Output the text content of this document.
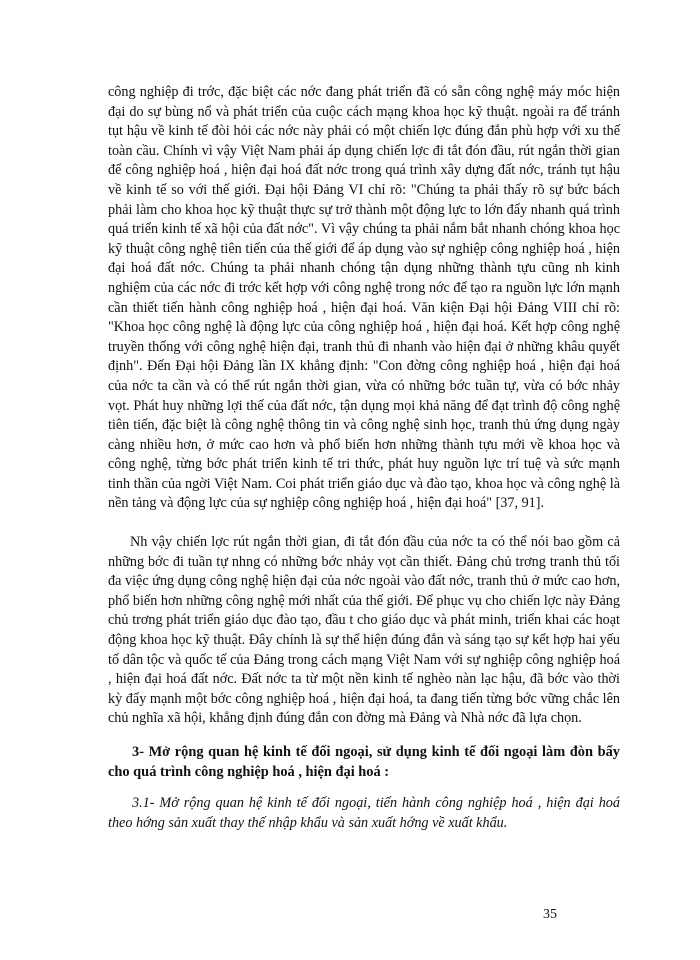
công nghiệp đi trớc, đặc biệt các nớc đang phát triển đã có sẵn công nghệ máy móc hiện đại do sự bùng nổ và phát triển của cuộc cách mạng khoa học kỹ thuật. ngoài ra để tránh tụt hậu về kinh tế đòi hỏi các nớc này phải có một chiến lợc đúng đắn phù hợp với xu thế toàn cầu. Chính vì vậy Việt Nam phải áp dụng chiến lợc đi tắt đón đầu, rút ngắn thời gian để công nghiệp hoá , hiện đại hoá đất nớc trong quá trình xây dựng đất nớc, tránh tụt hậu về kinh tế so với thế giới. Đại hội Đảng VI chỉ rõ: "Chúng ta phải thấy rõ sự bức bách phải làm cho khoa học kỹ thuật thực sự trở thành một động lực to lớn đẩy nhanh quá trình quá triển kinh tế xã hội của đất nớc". Vì vậy chúng ta phải nắm bắt nhanh chóng khoa học kỹ thuật công nghệ tiên tiến của thế giới để áp dụng vào sự nghiệp công nghiệp hoá , hiện đại hoá đất nớc. Chúng ta phải nhanh chóng tận dụng những thành tựu cũng nh kinh nghiệm của các nớc đi trớc kết hợp với công nghệ trong nớc để tạo ra nguồn lực lớn mạnh cần thiết tiến hành công nghiệp hoá , hiện đại hoá. Văn kiện Đại hội Đảng VIII chỉ rõ: "Khoa học công nghệ là động lực của công nghiệp hoá , hiện đại hoá. Kết hợp công nghệ truyền thống với công nghệ hiện đại, tranh thủ đi nhanh vào hiện đại ở những khâu quyết định". Đến Đại hội Đảng lần IX khẳng định: "Con đờng công nghiệp hoá , hiện đại hoá của nớc ta cần và có thể rút ngắn thời gian, vừa có những bớc tuần tự, vừa có bớc nhảy vọt. Phát huy những lợi thế của đất nớc, tận dụng mọi khả năng để đạt trình độ công nghệ tiên tiến, đặc biệt là công nghệ thông tin và công nghệ sinh học, tranh thủ ứng dụng ngày càng nhiều hơn, ở mức cao hơn và phổ biến hơn những thành tựu mới về khoa học và công nghệ, từng bớc phát triển kinh tế tri thức, phát huy nguồn lực trí tuệ và sức mạnh tinh thần của ngời Việt Nam. Coi phát triển giáo dục và đào tạo, khoa học và công nghệ là nền tảng và động lực của sự nghiệp công nghiệp hoá , hiện đại hoá" [37, 91].

Nh vậy chiến lợc rút ngắn thời gian, đi tắt đón đầu của nớc ta có thể nói bao gồm cả những bớc đi tuần tự nhng có những bớc nhảy vọt cần thiết. Đảng chủ trơng tranh thủ tối đa việc ứng dụng công nghệ hiện đại của nớc ngoài vào đất nớc, tranh thủ ở mức cao hơn, phổ biến hơn những công nghệ mới nhất của thế giới. Để phục vụ cho chiến lợc này Đảng chủ trơng phát triển giáo dục đào tạo, đầu t cho giáo dục và phát minh, triển khai các hoạt động khoa học kỹ thuật. Đây chính là sự thể hiện đúng đắn và sáng tạo sự kết hợp hai yếu tố dân tộc và quốc tế của Đảng trong cách mạng Việt Nam với sự nghiệp công nghiệp hoá , hiện đại hoá đất nớc. Đất nớc ta từ một nền kinh tế nghèo nàn lạc hậu, đã bớc vào thời kỳ đẩy mạnh một bớc công nghiệp hoá , hiện đại hoá, ta đang tiến từng bớc vững chắc lên chủ nghĩa xã hội, khẳng định đúng đắn con đờng mà Đảng và Nhà nớc đã lựa chọn.

3- Mở rộng quan hệ kinh tế đối ngoại, sử dụng kinh tế đối ngoại làm đòn bẩy cho quá trình công nghiệp hoá , hiện đại hoá :

3.1- Mở rộng quan hệ kinh tế đối ngoại, tiến hành công nghiệp hoá , hiện đại hoá theo hớng sản xuất thay thế nhập khẩu và sản xuất hớng về xuất khẩu.

35
